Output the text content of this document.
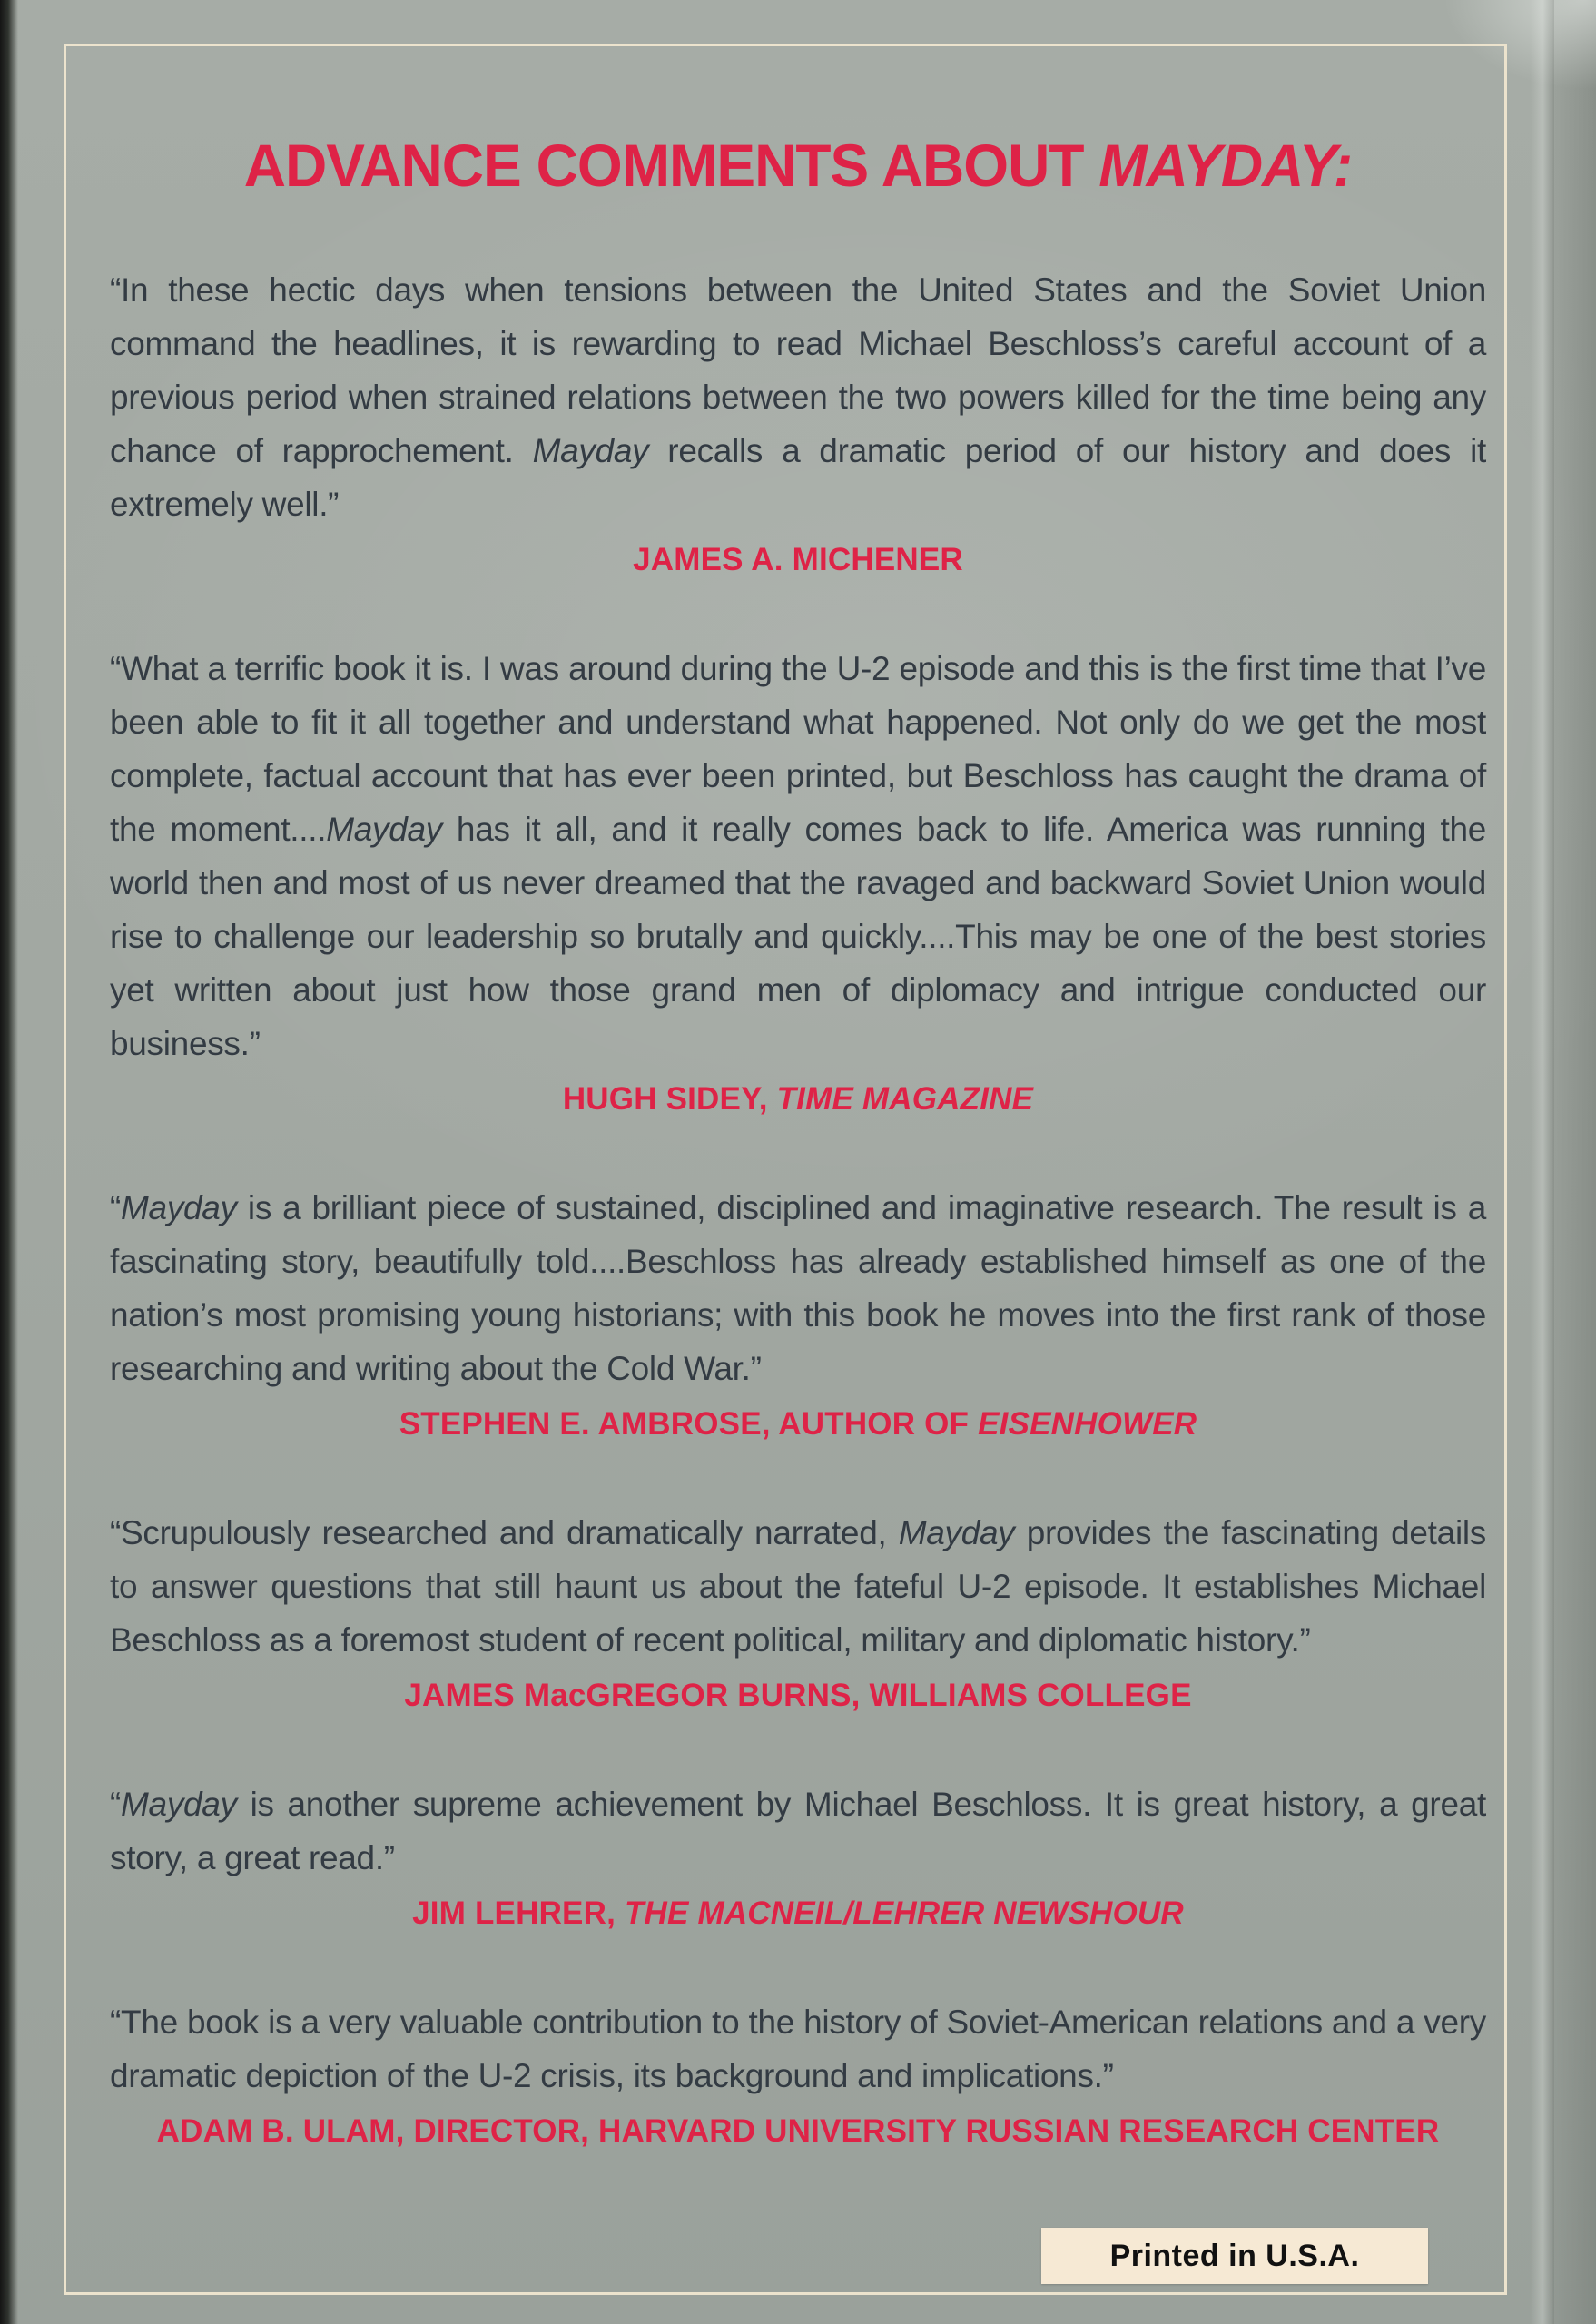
ADVANCE COMMENTS ABOUT MAYDAY:

“In these hectic days when tensions between the United States and the Soviet Union command the headlines, it is rewarding to read Michael Beschloss’s careful account of a previous period when strained relations between the two powers killed for the time being any chance of rapprochement. Mayday recalls a dramatic period of our history and does it extremely well.”

JAMES A. MICHENER

“What a terrific book it is. I was around during the U-2 episode and this is the first time that I’ve been able to fit it all together and understand what happened. Not only do we get the most complete, factual account that has ever been printed, but Beschloss has caught the drama of the moment....Mayday has it all, and it really comes back to life. America was running the world then and most of us never dreamed that the ravaged and backward Soviet Union would rise to challenge our leadership so brutally and quickly....This may be one of the best stories yet written about just how those grand men of diplomacy and intrigue conducted our business.”

HUGH SIDEY, TIME MAGAZINE

“Mayday is a brilliant piece of sustained, disciplined and imaginative research. The result is a fascinating story, beautifully told....Beschloss has already established himself as one of the nation’s most promising young historians; with this book he moves into the first rank of those researching and writing about the Cold War.”

STEPHEN E. AMBROSE, AUTHOR OF EISENHOWER

“Scrupulously researched and dramatically narrated, Mayday provides the fascinating details to answer questions that still haunt us about the fateful U-2 episode. It establishes Michael Beschloss as a foremost student of recent political, military and diplomatic history.”

JAMES MacGREGOR BURNS, WILLIAMS COLLEGE

“Mayday is another supreme achievement by Michael Beschloss. It is great history, a great story, a great read.”

JIM LEHRER, THE MACNEIL/LEHRER NEWSHOUR

“The book is a very valuable contribution to the history of Soviet-American relations and a very dramatic depiction of the U-2 crisis, its background and implications.”

ADAM B. ULAM, DIRECTOR, HARVARD UNIVERSITY RUSSIAN RESEARCH CENTER
Printed in U.S.A.
